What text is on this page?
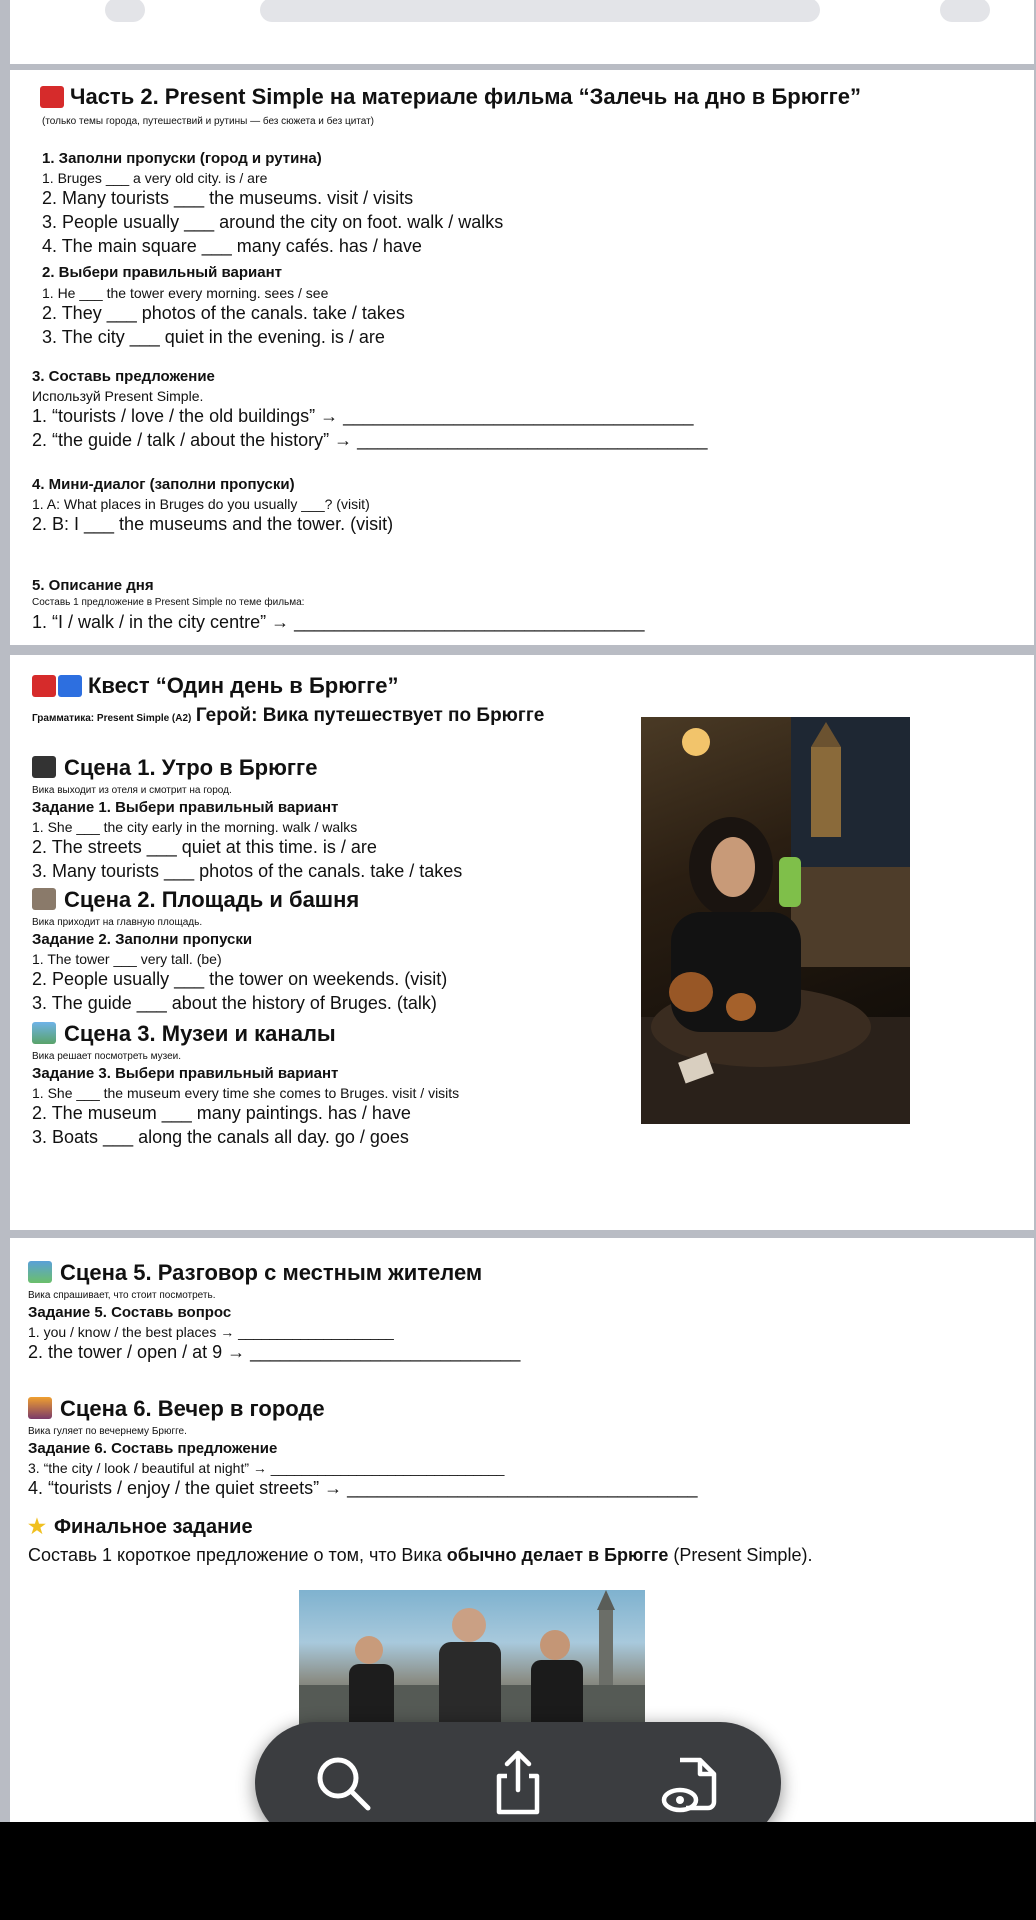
Часть 2. Present Simple на материале фильма “Залечь на дно в Брюгге”
(только темы города, путешествий и рутины — без сюжета и без цитат)
1. Заполни пропуски (город и рутина)
1. Bruges ___ a very old city. is / are
2. Many tourists ___ the museums. visit / visits
3. People usually ___ around the city on foot. walk / walks
4. The main square ___ many cafés. has / have
2. Выбери правильный вариант
1. He ___ the tower every morning. sees / see
2. They ___ photos of the canals. take / takes
3. The city ___ quiet in the evening. is / are
3. Составь предложение
Используй Present Simple.
1. “tourists / love / the old buildings” → ___________________________________
2. “the guide / talk / about the history” → ___________________________________
4. Мини-диалог (заполни пропуски)
1. A: What places in Bruges do you usually ___? (visit)
2. B: I ___ the museums and the tower. (visit)
5. Описание дня
Составь 1 предложение в Present Simple по теме фильма:
1. “I / walk / in the city centre” → ___________________________________
Квест “Один день в Брюгге”
Грамматика: Present Simple (A2) Герой: Вика путешествует по Брюгге
Сцена 1. Утро в Брюгге
Вика выходит из отеля и смотрит на город.
Задание 1. Выбери правильный вариант
1. She ___ the city early in the morning. walk / walks
2. The streets ___ quiet at this time. is / are
3. Many tourists ___ photos of the canals. take / takes
Сцена 2. Площадь и башня
Вика приходит на главную площадь.
Задание 2. Заполни пропуски
1. The tower ___ very tall. (be)
2. People usually ___ the tower on weekends. (visit)
3. The guide ___ about the history of Bruges. (talk)
Сцена 3. Музеи и каналы
Вика решает посмотреть музеи.
Задание 3. Выбери правильный вариант
1. She ___ the museum every time she comes to Bruges. visit / visits
2. The museum ___ many paintings. has / have
3. Boats ___ along the canals all day. go / goes
Сцена 5. Разговор с местным жителем
Вика спрашивает, что стоит посмотреть.
Задание 5. Составь вопрос
1. you / know / the best places → ____________________
2. the tower / open / at 9 → ___________________________
Сцена 6. Вечер в городе
Вика гуляет по вечернему Брюгге.
Задание 6. Составь предложение
3. “the city / look / beautiful at night” → ______________________________
4. “tourists / enjoy / the quiet streets” → ___________________________________
★ Финальное задание
Составь 1 короткое предложение о том, что Вика обычно делает в Брюгге (Present Simple).
